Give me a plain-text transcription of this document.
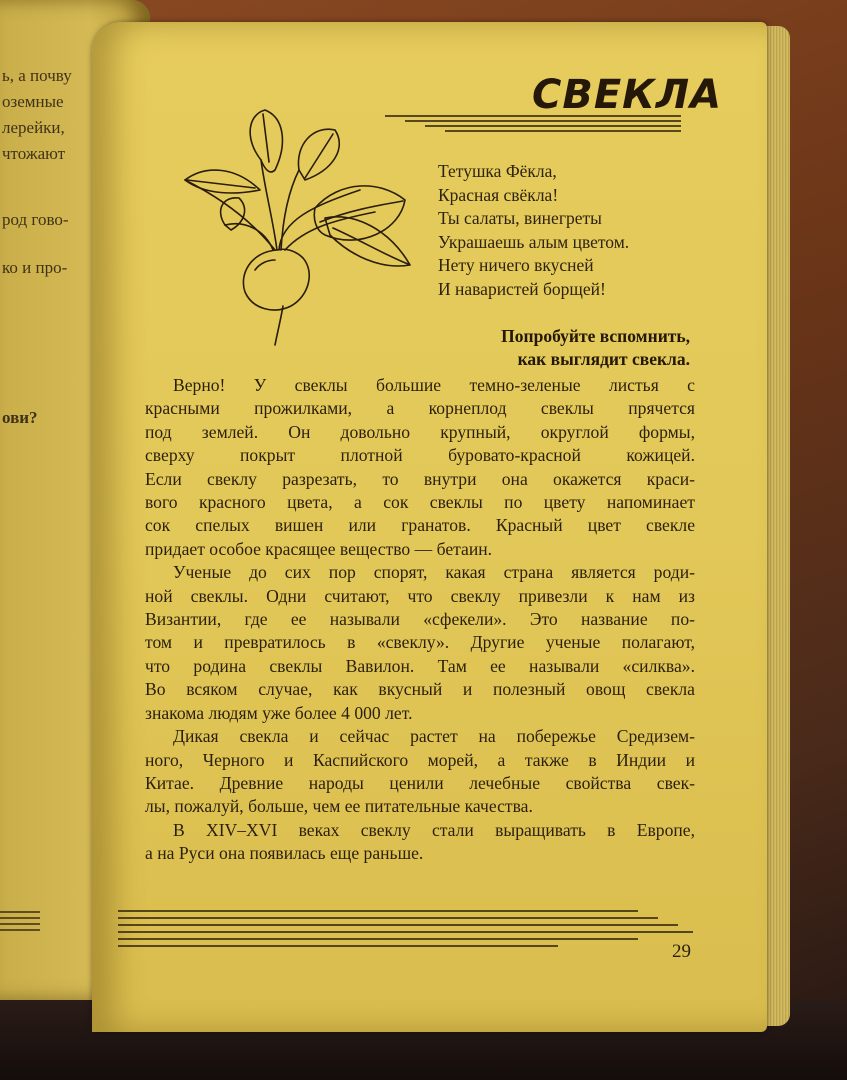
ь, а почву
оземные
лерейки,
чтожают
род гово-
ко и про-
ови?
СВЕКЛА
Тетушка Фёкла,
Красная свёкла!
Ты салаты, винегреты
Украшаешь алым цветом.
Нету ничего вкусней
И наваристей борщей!
Попробуйте вспомнить,
как выглядит свекла.
Верно! У свеклы большие темно-зеленые листья с
красными прожилками, а корнеплод свеклы прячется
под землей. Он довольно крупный, округлой формы,
сверху покрыт плотной буровато-красной кожицей.
Если свеклу разрезать, то внутри она окажется краси-
вого красного цвета, а сок свеклы по цвету напоминает
сок спелых вишен или гранатов. Красный цвет свекле
придает особое красящее вещество — бетаин.
Ученые до сих пор спорят, какая страна является роди-
ной свеклы. Одни считают, что свеклу привезли к нам из
Византии, где ее называли «сфекели». Это название по-
том и превратилось в «свеклу». Другие ученые полагают,
что родина свеклы Вавилон. Там ее называли «силква».
Во всяком случае, как вкусный и полезный овощ свекла
знакома людям уже более 4 000 лет.
Дикая свекла и сейчас растет на побережье Средизем-
ного, Черного и Каспийского морей, а также в Индии и
Китае. Древние народы ценили лечебные свойства свек-
лы, пожалуй, больше, чем ее питательные качества.
В XIV–XVI веках свеклу стали выращивать в Европе,
а на Руси она появилась еще раньше.
29
